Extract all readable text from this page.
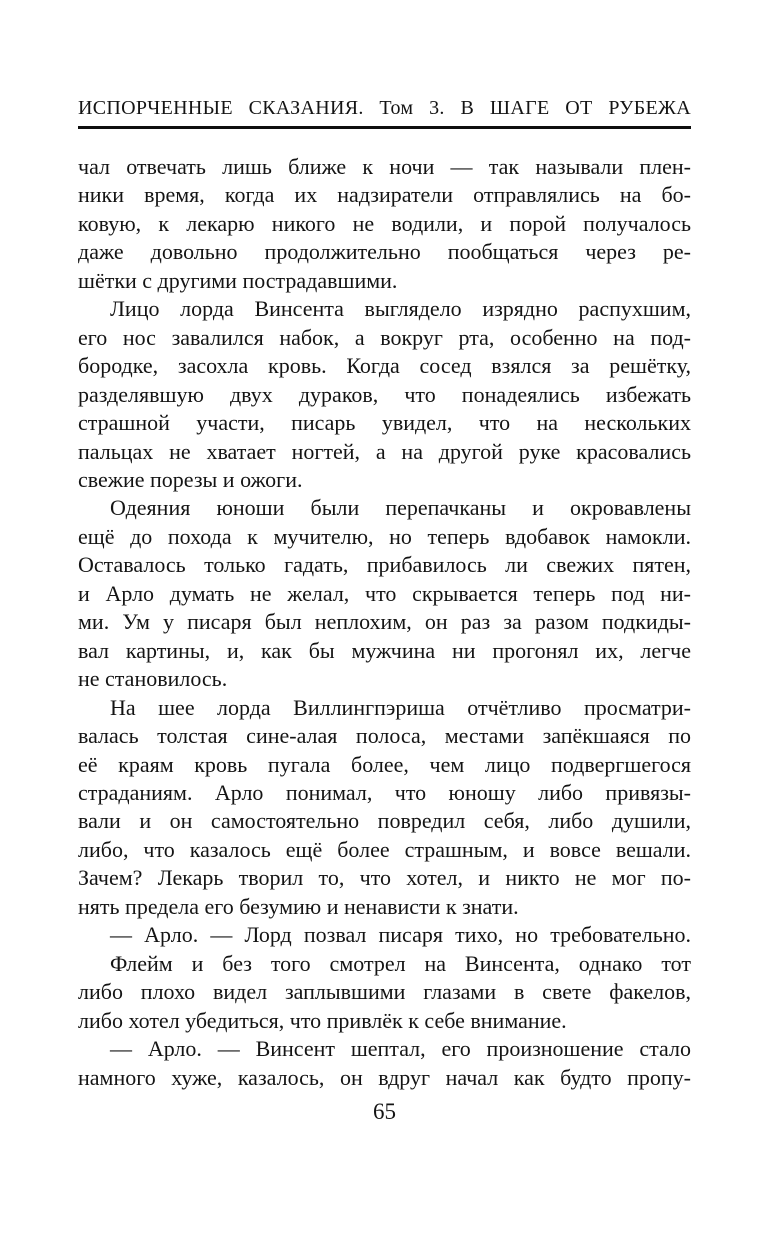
ИСПОРЧЕННЫЕ СКАЗАНИЯ. Том 3. В ШАГЕ ОТ РУБЕЖА

чал отвечать лишь ближе к ночи — так называли плен-
ники время, когда их надзиратели отправлялись на бо-
ковую, к лекарю никого не водили, и порой получалось
даже довольно продолжительно пообщаться через ре-
шётки с другими пострадавшими.

Лицо лорда Винсента выглядело изрядно распухшим,
его нос завалился набок, а вокруг рта, особенно на под-
бородке, засохла кровь. Когда сосед взялся за решётку,
разделявшую двух дураков, что понадеялись избежать
страшной участи, писарь увидел, что на нескольких
пальцах не хватает ногтей, а на другой руке красовались
свежие порезы и ожоги.

Одеяния юноши были перепачканы и окровавлены
ещё до похода к мучителю, но теперь вдобавок намокли.
Оставалось только гадать, прибавилось ли свежих пятен,
и Арло думать не желал, что скрывается теперь под ни-
ми. Ум у писаря был неплохим, он раз за разом подкиды-
вал картины, и, как бы мужчина ни прогонял их, легче
не становилось.

На шее лорда Виллингпэриша отчётливо просматри-
валась толстая сине-алая полоса, местами запёкшаяся по
её краям кровь пугала более, чем лицо подвергшегося
страданиям. Арло понимал, что юношу либо привязы-
вали и он самостоятельно повредил себя, либо душили,
либо, что казалось ещё более страшным, и вовсе вешали.
Зачем? Лекарь творил то, что хотел, и никто не мог по-
нять предела его безумию и ненависти к знати.

— Арло. — Лорд позвал писаря тихо, но требовательно.

Флейм и без того смотрел на Винсента, однако тот
либо плохо видел заплывшими глазами в свете факелов,
либо хотел убедиться, что привлёк к себе внимание.

— Арло. — Винсент шептал, его произношение стало
намного хуже, казалось, он вдруг начал как будто пропу-

65
